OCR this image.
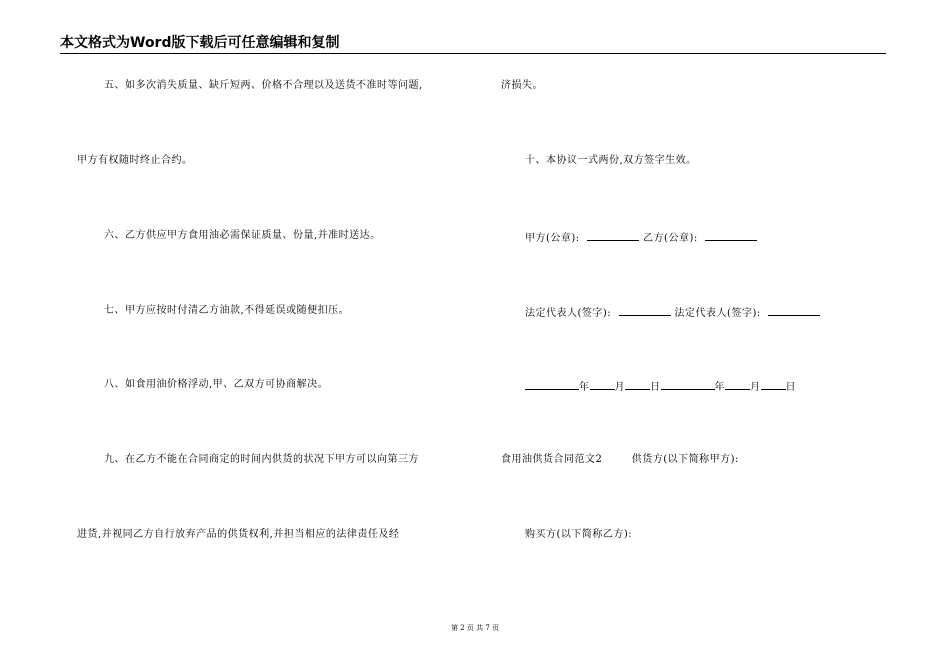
本文格式为Word版下载后可任意编辑和复制
五、如多次消失质量、缺斤短两、价格不合理以及送货不准时等问题,
甲方有权随时终止合约。
六、乙方供应甲方食用油必需保证质量、份量,并准时送达。
七、甲方应按时付清乙方油款,不得延误或随便扣压。
八、如食用油价格浮动,甲、乙双方可协商解决。
九、在乙方不能在合同商定的时间内供货的状况下甲方可以向第三方
进货,并视同乙方自行放弃产品的供货权利,并担当相应的法律责任及经
济损失。
十、本协议一式两份,双方签字生效。
甲方(公章):	乙方(公章):
法定代表人(签字):	法定代表人(签字):
年	月	日	年	月	日
食用油供货合同范文2	供货方(以下简称甲方):
购买方(以下简称乙方):
第 2 页 共 7 页
